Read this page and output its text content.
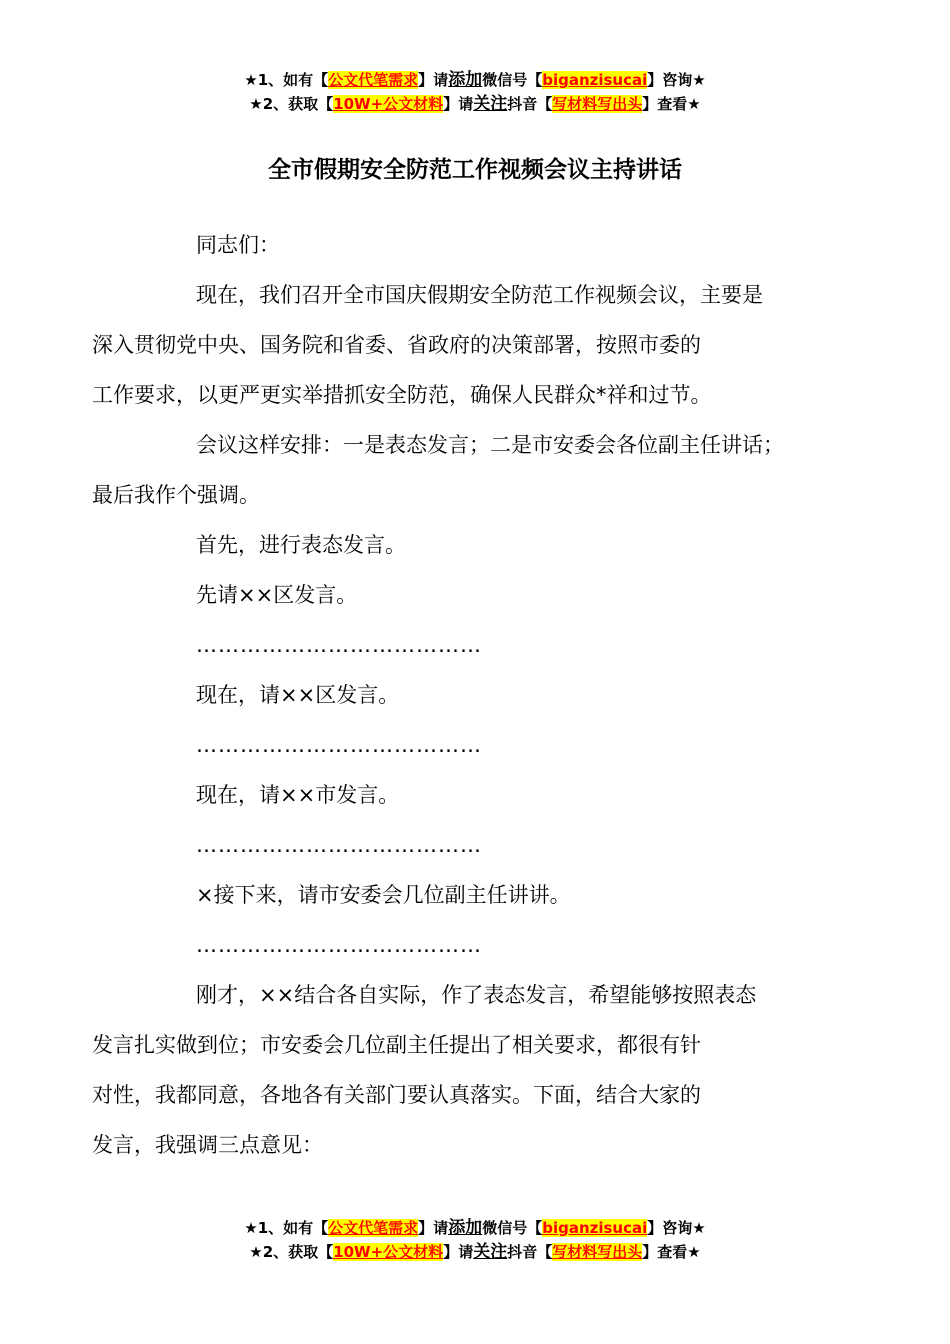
★1、如有【公文代笔需求】请添加微信号【biganzisucai】咨询★
★2、获取【10W+公文材料】请关注抖音【写材料写出头】查看★
全市假期安全防范工作视频会议主持讲话

同志们：

现在，我们召开全市国庆假期安全防范工作视频会议，主要是
深入贯彻党中央、国务院和省委、省政府的决策部署，按照市委的
工作要求，以更严更实举措抓安全防范，确保人民群众*祥和过节。

会议这样安排：一是表态发言；二是市安委会各位副主任讲话；
最后我作个强调。

首先，进行表态发言。

先请××区发言。

…………………………………

现在，请××区发言。

…………………………………

现在，请××市发言。

…………………………………

×接下来，请市安委会几位副主任讲讲。

…………………………………

刚才，××结合各自实际，作了表态发言，希望能够按照表态
发言扎实做到位；市安委会几位副主任提出了相关要求，都很有针
对性，我都同意，各地各有关部门要认真落实。下面，结合大家的
发言，我强调三点意见：

★1、如有【公文代笔需求】请添加微信号【biganzisucai】咨询★
★2、获取【10W+公文材料】请关注抖音【写材料写出头】查看★
